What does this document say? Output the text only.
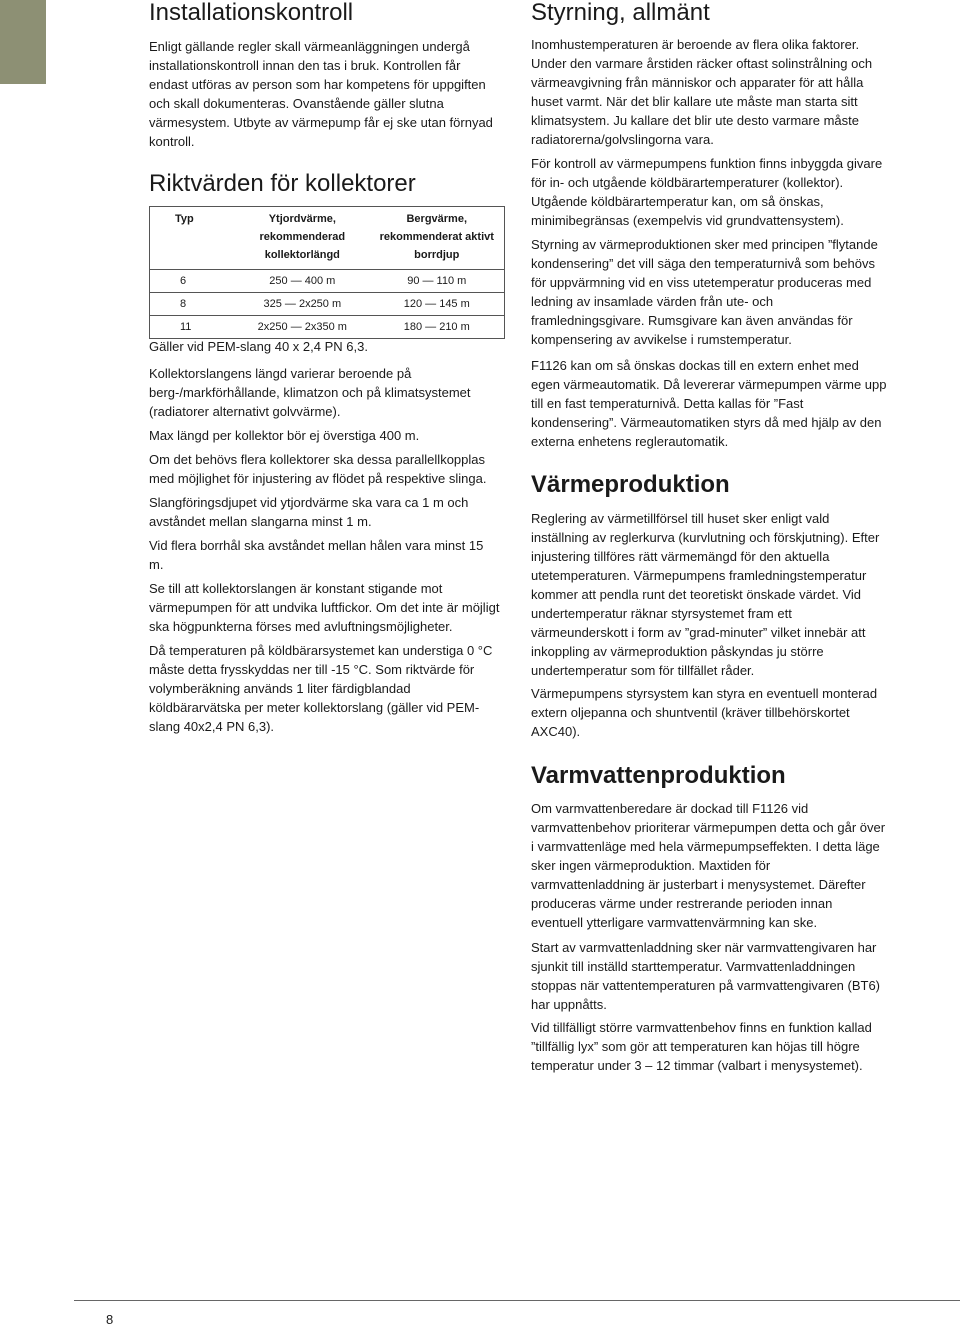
Installationskontroll

Enligt gällande regler skall värmeanläggningen undergå installationskontroll innan den tas i bruk. Kontrollen får endast utföras av person som har kompetens för uppgiften och skall dokumenteras. Ovanstående gäller slutna värmesystem. Utbyte av värmepump får ej ske utan förnyad kontroll.

Riktvärden för kollektorer
Typ	Ytjordvärme, rekommenderad kollektorlängd	Bergvärme, rekommenderat aktivt borrdjup
6	250 — 400 m	90 — 110 m
8	325 — 2x250 m	120 — 145 m
11	2x250 — 2x350 m	180 — 210 m

Gäller vid PEM-slang 40 x 2,4 PN 6,3.

Kollektorslangens längd varierar beroende på berg-/markförhållande, klimatzon och på klimatsystemet (radiatorer alternativt golvvärme).

Max längd per kollektor bör ej överstiga 400 m.

Om det behövs flera kollektorer ska dessa parallellkopplas med möjlighet för injustering av flödet på respektive slinga.

Slangföringsdjupet vid ytjordvärme ska vara ca 1 m och avståndet mellan slangarna minst 1 m.

Vid flera borrhål ska avståndet mellan hålen vara minst 15 m.

Se till att kollektorslangen är konstant stigande mot värmepumpen för att undvika luftfickor. Om det inte är möjligt ska högpunkterna förses med avluftningsmöjligheter.

Då temperaturen på köldbärarsystemet kan understiga 0 °C måste detta frysskyddas ner till -15 °C. Som riktvärde för volymberäkning används 1 liter färdigblandad köldbärarvätska per meter kollektorslang (gäller vid PEM-slang 40x2,4 PN 6,3).

Styrning, allmänt

Inomhustemperaturen är beroende av flera olika faktorer. Under den varmare årstiden räcker oftast solinstrålning och värmeavgivning från människor och apparater för att hålla huset varmt. När det blir kallare ute måste man starta sitt klimatsystem. Ju kallare det blir ute desto varmare måste radiatorerna/golvslingorna vara.

För kontroll av värmepumpens funktion finns inbyggda givare för in- och utgående köldbärartemperaturer (kollektor). Utgående köldbärartemperatur kan, om så önskas, minimibegränsas (exempelvis vid grundvattensystem).

Styrning av värmeproduktionen sker med principen ”flytande kondensering” det vill säga den temperaturnivå som behövs för uppvärmning vid en viss utetemperatur produceras med ledning av insamlade värden från ute- och framledningsgivare. Rumsgivare kan även användas för kompensering av avvikelse i rumstemperatur.

F1126 kan om så önskas dockas till en extern enhet med egen värmeautomatik. Då levererar värmepumpen värme upp till en fast temperaturnivå. Detta kallas för ”Fast kondensering”. Värmeautomatiken styrs då med hjälp av den externa enhetens reglerautomatik.

Värmeproduktion

Reglering av värmetillförsel till huset sker enligt vald inställning av reglerkurva (kurvlutning och förskjutning). Efter injustering tillföres rätt värmemängd för den aktuella utetemperaturen. Värmepumpens framledningstemperatur kommer att pendla runt det teoretiskt önskade värdet. Vid undertemperatur räknar styrsystemet fram ett värmeunderskott i form av ”grad-minuter” vilket innebär att inkoppling av värmeproduktion påskyndas ju större undertemperatur som för tillfället råder.

Värmepumpens styrsystem kan styra en eventuell monterad extern oljepanna och shuntventil (kräver tillbehörskortet AXC40).

Varmvattenproduktion

Om varmvattenberedare är dockad till F1126 vid varmvattenbehov prioriterar värmepumpen detta och går över i varmvattenläge med hela värmepumpseffekten. I detta läge sker ingen värmeproduktion. Maxtiden för varmvattenladdning är justerbart i menysystemet. Därefter produceras värme under restrerande perioden innan eventuell ytterligare varmvattenvärmning kan ske.

Start av varmvattenladdning sker när varmvattengivaren har sjunkit till inställd starttemperatur. Varmvattenladdningen stoppas när vattentemperaturen på varmvattengivaren (BT6) har uppnåtts.

Vid tillfälligt större varmvattenbehov finns en funktion kallad ”tillfällig lyx” som gör att temperaturen kan höjas till högre temperatur under 3 – 12 timmar (valbart i menysystemet).

8
